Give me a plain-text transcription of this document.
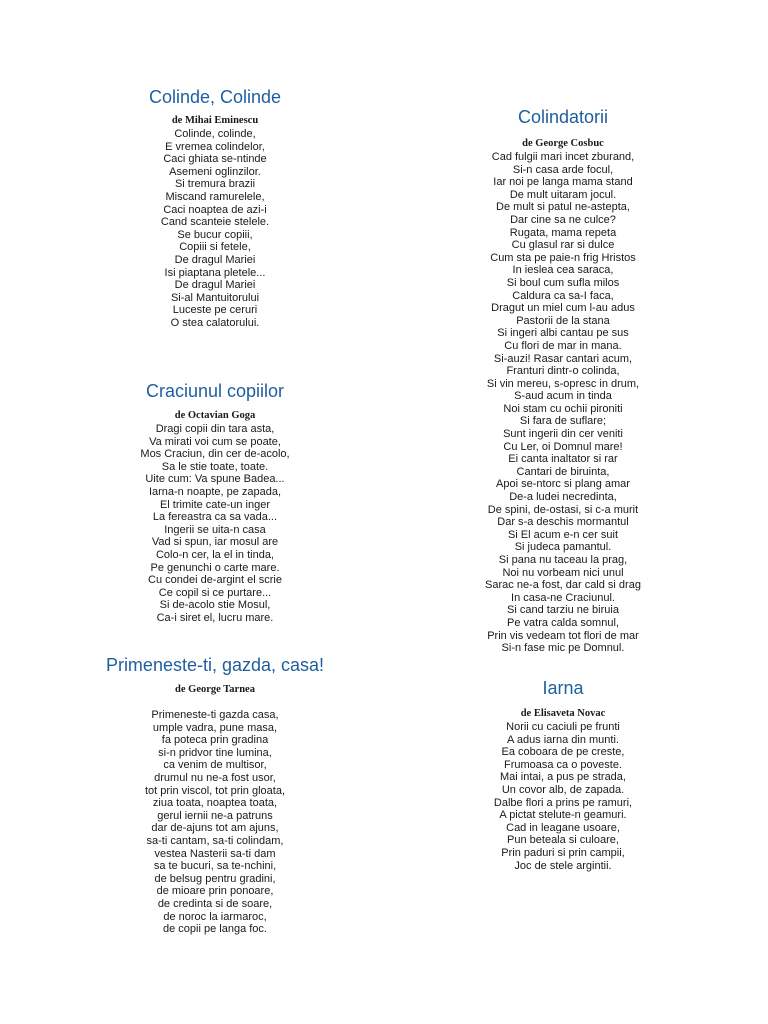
Colinde, Colinde

de Mihai Eminescu

Colinde, colinde,
E vremea colindelor,
Caci ghiata se-ntinde
Asemeni oglinzilor.
Si tremura brazii
Miscand ramurelele,
Caci noaptea de azi-i
Cand scanteie stelele.
Se bucur copiii,
Copiii si fetele,
De dragul Mariei
Isi piaptana pletele...
De dragul Mariei
Si-al Mantuitorului
Luceste pe ceruri
O stea calatorului.
Craciunul copiilor

de Octavian Goga

Dragi copii din tara asta,
Va mirati voi cum se poate,
Mos Craciun, din cer de-acolo,
Sa le stie toate, toate.
Uite cum: Va spune Badea...
Iarna-n noapte, pe zapada,
El trimite cate-un inger
La fereastra ca sa vada...
Ingerii se uita-n casa
Vad si spun, iar mosul are
Colo-n cer, la el in tinda,
Pe genunchi o carte mare.
Cu condei de-argint el scrie
Ce copil si ce purtare...
Si de-acolo stie Mosul,
Ca-i siret el, lucru mare.
Primeneste-ti, gazda, casa!

de George Tarnea

Primeneste-ti gazda casa,
umple vadra, pune masa,
fa poteca prin gradina
si-n pridvor tine lumina,
ca venim de multisor,
drumul nu ne-a fost usor,
tot prin viscol, tot prin gloata,
ziua toata, noaptea toata,
gerul iernii ne-a patruns
dar de-ajuns tot am ajuns,
sa-ti cantam, sa-ti colindam,
vestea Nasterii sa-ti dam
sa te bucuri, sa te-nchini,
de belsug pentru gradini,
de mioare prin ponoare,
de credinta si de soare,
de noroc la iarmaroc,
de copii pe langa foc.
Colindatorii

de George Cosbuc

Cad fulgii mari incet zburand,
Si-n casa arde focul,
Iar noi pe langa mama stand
De mult uitaram jocul.
De mult si patul ne-astepta,
Dar cine sa ne culce?
Rugata, mama repeta
Cu glasul rar si dulce
Cum sta pe paie-n frig Hristos
In ieslea cea saraca,
Si boul cum sufla milos
Caldura ca sa-I faca,
Dragut un miel cum l-au adus
Pastorii de la stana
Si ingeri albi cantau pe sus
Cu flori de mar in mana.
Si-auzi! Rasar cantari acum,
Franturi dintr-o colinda,
Si vin mereu, s-opresc in drum,
S-aud acum in tinda
Noi stam cu ochii pironiti
Si fara de suflare;
Sunt ingerii din cer veniti
Cu Ler, oi Domnul mare!
Ei canta inaltator si rar
Cantari de biruinta,
Apoi se-ntorc si plang amar
De-a ludei necredinta,
De spini, de-ostasi, si c-a murit
Dar s-a deschis mormantul
Si El acum e-n cer suit
Si judeca pamantul.
Si pana nu taceau la prag,
Noi nu vorbeam nici unul
Sarac ne-a fost, dar cald si drag
In casa-ne Craciunul.
Si cand tarziu ne biruia
Pe vatra calda somnul,
Prin vis vedeam tot flori de mar
Si-n fase mic pe Domnul.
Iarna

de Elisaveta Novac

Norii cu caciuli pe frunti
A adus iarna din munti.
Ea coboara de pe creste,
Frumoasa ca o poveste.
Mai intai, a pus pe strada,
Un covor alb, de zapada.
Dalbe flori a prins pe ramuri,
A pictat stelute-n geamuri.
Cad in leagane usoare,
Pun beteala si culoare,
Prin paduri si prin campii,
Joc de stele argintii.
